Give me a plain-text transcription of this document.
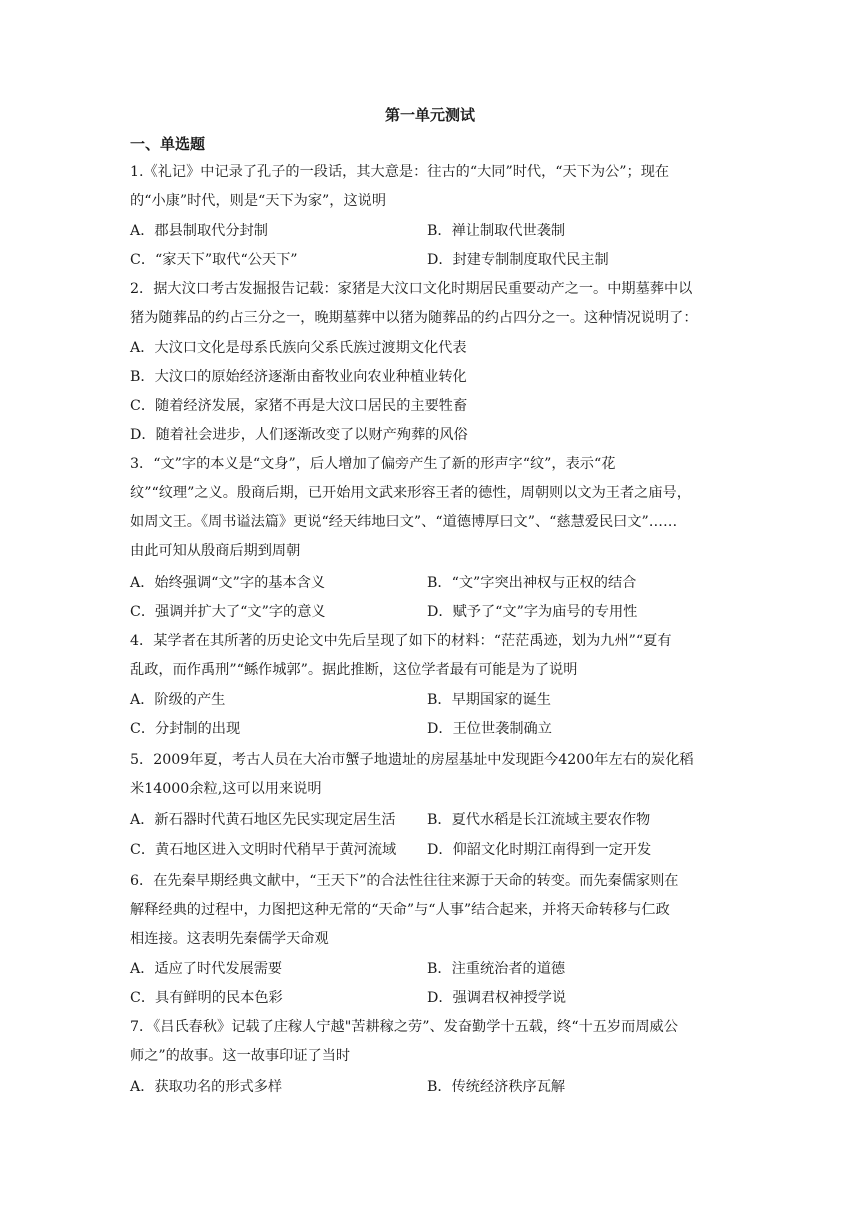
第一单元测试
一、单选题
1.《礼记》中记录了孔子的一段话，其大意是：往古的“大同”时代，“天下为公”；现在
的“小康”时代，则是“天下为家”，这说明
A．郡县制取代分封制	B．禅让制取代世袭制
C．“家天下”取代“公天下”	D．封建专制制度取代民主制
2．据大汶口考古发掘报告记载：家猪是大汶口文化时期居民重要动产之一。中期墓葬中以
猪为随葬品的约占三分之一，晚期墓葬中以猪为随葬品的约占四分之一。这种情况说明了：
A．大汶口文化是母系氏族向父系氏族过渡期文化代表
B．大汶口的原始经济逐渐由畜牧业向农业种植业转化
C．随着经济发展，家猪不再是大汶口居民的主要牲畜
D．随着社会进步，人们逐渐改变了以财产殉葬的风俗
3．“文”字的本义是“文身”，后人增加了偏旁产生了新的形声字“纹”，表示“花
纹”“纹理”之义。殷商后期，已开始用文武来形容王者的德性，周朝则以文为王者之庙号，
如周文王。《周书谥法篇》更说“经天纬地曰文”、“道德博厚曰文”、“慈慧爱民曰文”……
由此可知从殷商后期到周朝
A．始终强调“文”字的基本含义	B．“文”字突出神权与正权的结合
C．强调并扩大了“文”字的意义	D．赋予了“文”字为庙号的专用性
4．某学者在其所著的历史论文中先后呈现了如下的材料：“茫茫禹迹，划为九州”“夏有
乱政，而作禹刑”“鲧作城郭”。据此推断，这位学者最有可能是为了说明
A．阶级的产生	B．早期国家的诞生
C．分封制的出现	D．王位世袭制确立
5．2009年夏，考古人员在大冶市蟹子地遗址的房屋基址中发现距今4200年左右的炭化稻
米14000余粒,这可以用来说明
A．新石器时代黄石地区先民实现定居生活 B．夏代水稻是长江流域主要农作物
C．黄石地区进入文明时代稍早于黄河流域 D．仰韶文化时期江南得到一定开发
6．在先秦早期经典文献中，“王天下”的合法性往往来源于天命的转变。而先秦儒家则在
解释经典的过程中，力图把这种无常的“天命”与“人事”结合起来，并将天命转移与仁政
相连接。这表明先秦儒学天命观
A．适应了时代发展需要	B．注重统治者的道德
C．具有鲜明的民本色彩	D．强调君权神授学说
7．《吕氏春秋》记载了庄稼人宁越"苦耕稼之劳”、发奋勤学十五载，终“十五岁而周威公
师之”的故事。这一故事印证了当时
A．获取功名的形式多样	B．传统经济秩序瓦解
